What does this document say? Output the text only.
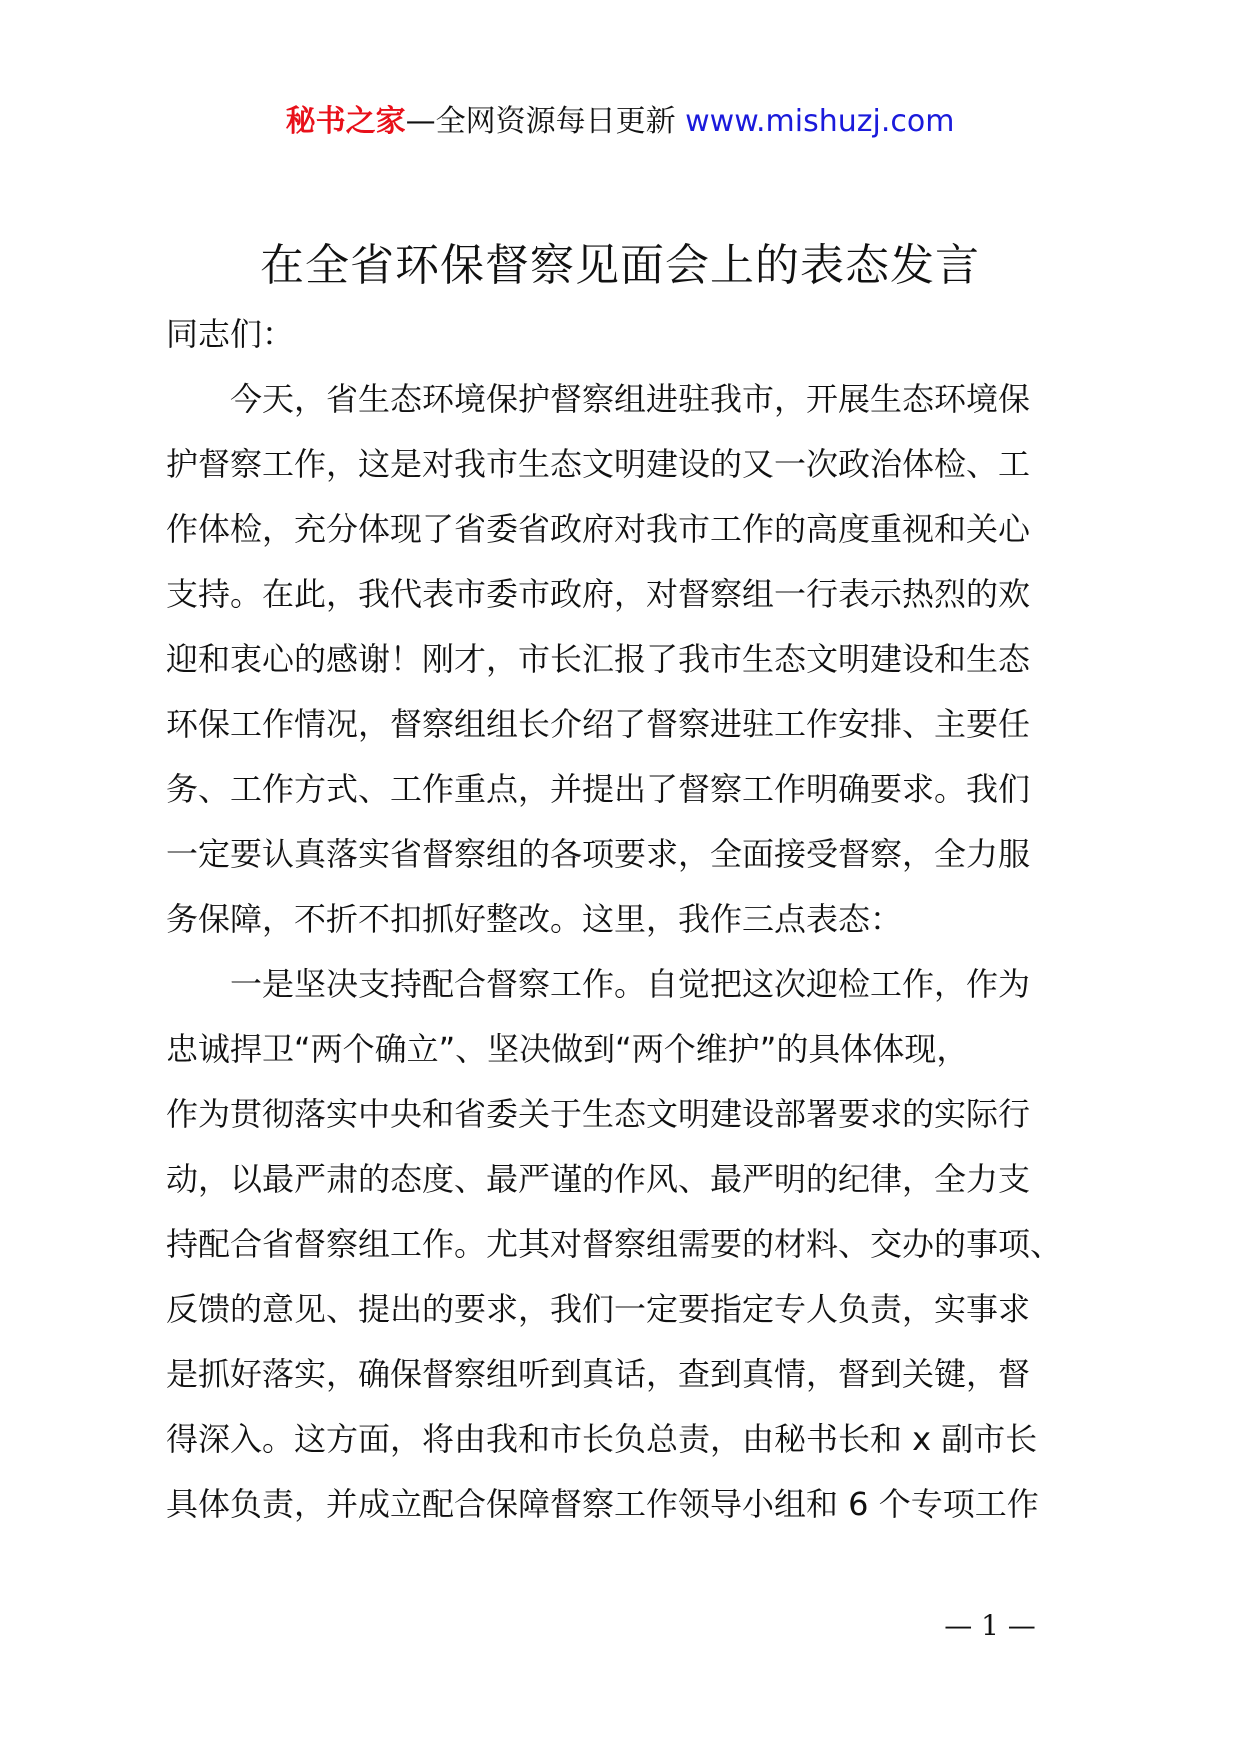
秘书之家—全网资源每日更新 www.mishuzj.com
在全省环保督察见面会上的表态发言
同志们：
今天，省生态环境保护督察组进驻我市，开展生态环境保
护督察工作，这是对我市生态文明建设的又一次政治体检、工
作体检，充分体现了省委省政府对我市工作的高度重视和关心
支持。在此，我代表市委市政府，对督察组一行表示热烈的欢
迎和衷心的感谢！刚才，市长汇报了我市生态文明建设和生态
环保工作情况，督察组组长介绍了督察进驻工作安排、主要任
务、工作方式、工作重点，并提出了督察工作明确要求。我们
一定要认真落实省督察组的各项要求，全面接受督察，全力服
务保障，不折不扣抓好整改。这里，我作三点表态：
一是坚决支持配合督察工作。自觉把这次迎检工作，作为
忠诚捍卫“两个确立”、坚决做到“两个维护”的具体体现，
作为贯彻落实中央和省委关于生态文明建设部署要求的实际行
动，以最严肃的态度、最严谨的作风、最严明的纪律，全力支
持配合省督察组工作。尤其对督察组需要的材料、交办的事项、
反馈的意见、提出的要求，我们一定要指定专人负责，实事求
是抓好落实，确保督察组听到真话，查到真情，督到关键，督
得深入。这方面，将由我和市长负总责，由秘书长和 x 副市长
具体负责，并成立配合保障督察工作领导小组和 6 个专项工作
— 1 —
